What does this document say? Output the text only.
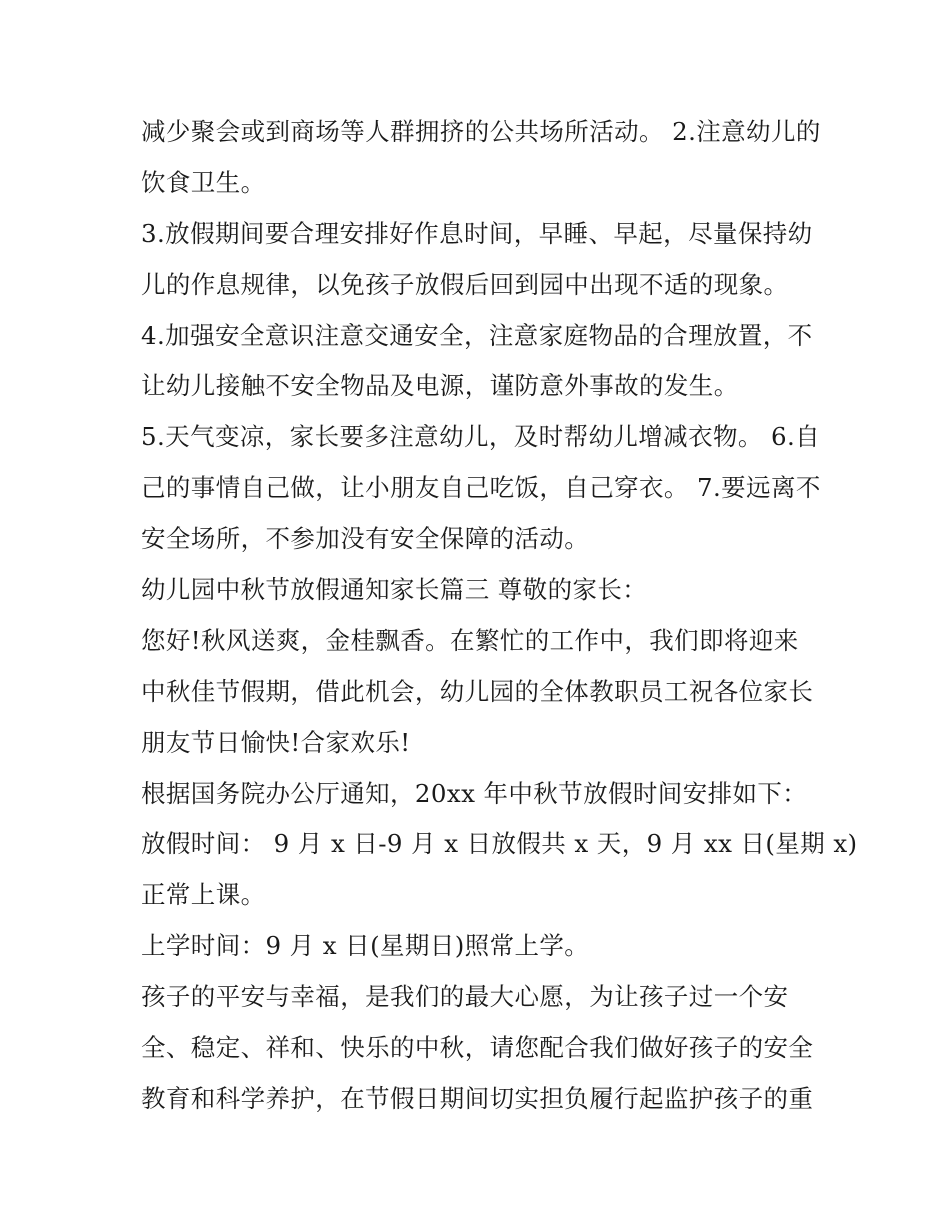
减少聚会或到商场等人群拥挤的公共场所活动。 2.注意幼儿的
饮食卫生。
3.放假期间要合理安排好作息时间，早睡、早起，尽量保持幼
儿的作息规律，以免孩子放假后回到园中出现不适的现象。
4.加强安全意识注意交通安全，注意家庭物品的合理放置，不
让幼儿接触不安全物品及电源，谨防意外事故的发生。
5.天气变凉，家长要多注意幼儿，及时帮幼儿增减衣物。 6.自
己的事情自己做，让小朋友自己吃饭，自己穿衣。 7.要远离不
安全场所，不参加没有安全保障的活动。
幼儿园中秋节放假通知家长篇三 尊敬的家长：
您好!秋风送爽，金桂飘香。在繁忙的工作中，我们即将迎来
中秋佳节假期，借此机会，幼儿园的全体教职员工祝各位家长
朋友节日愉快!合家欢乐!
根据国务院办公厅通知，20xx 年中秋节放假时间安排如下：
放假时间： 9 月 x 日-9 月 x 日放假共 x 天，9 月 xx 日(星期 x)
正常上课。
上学时间：9 月 x 日(星期日)照常上学。
孩子的平安与幸福，是我们的最大心愿，为让孩子过一个安
全、稳定、祥和、快乐的中秋，请您配合我们做好孩子的安全
教育和科学养护，在节假日期间切实担负履行起监护孩子的重
